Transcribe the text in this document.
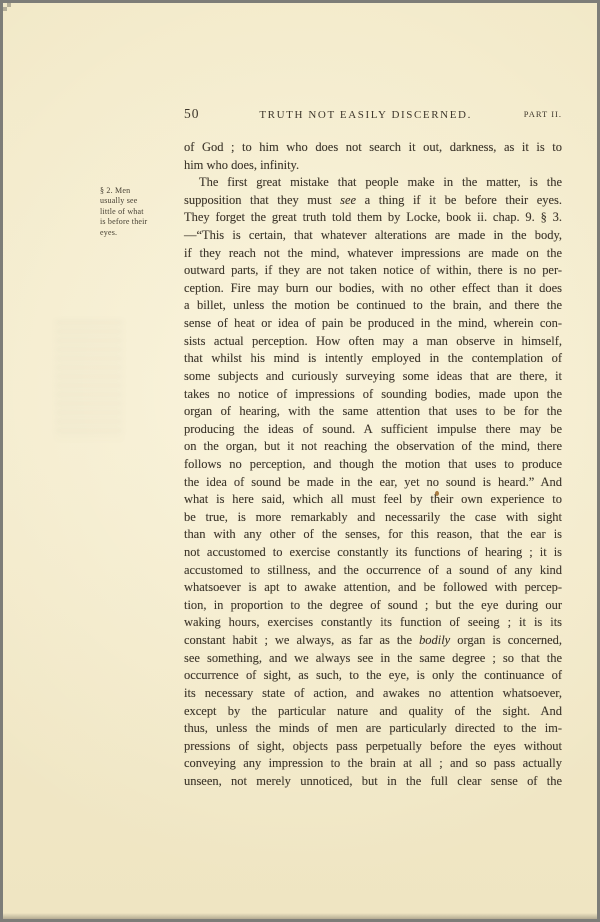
50	TRUTH NOT EASILY DISCERNED.	PART II.
§ 2. Men
usually see
little of what
is before their
eyes.
of God ; to him who does not search it out, darkness, as it is to
him who does, infinity.
The first great mistake that people make in the matter, is the
supposition that they must see a thing if it be before their eyes.
They forget the great truth told them by Locke, book ii. chap. 9. § 3.
—“This is certain, that whatever alterations are made in the body,
if they reach not the mind, whatever impressions are made on the
outward parts, if they are not taken notice of within, there is no per-
ception. Fire may burn our bodies, with no other effect than it does
a billet, unless the motion be continued to the brain, and there the
sense of heat or idea of pain be produced in the mind, wherein con-
sists actual perception. How often may a man observe in himself,
that whilst his mind is intently employed in the contemplation of
some subjects and curiously surveying some ideas that are there, it
takes no notice of impressions of sounding bodies, made upon the
organ of hearing, with the same attention that uses to be for the
producing the ideas of sound. A sufficient impulse there may be
on the organ, but it not reaching the observation of the mind, there
follows no perception, and though the motion that uses to produce
the idea of sound be made in the ear, yet no sound is heard.” And
what is here said, which all must feel by their own experience to
be true, is more remarkably and necessarily the case with sight
than with any other of the senses, for this reason, that the ear is
not accustomed to exercise constantly its functions of hearing ; it is
accustomed to stillness, and the occurrence of a sound of any kind
whatsoever is apt to awake attention, and be followed with percep-
tion, in proportion to the degree of sound ; but the eye during our
waking hours, exercises constantly its function of seeing ; it is its
constant habit ; we always, as far as the bodily organ is concerned,
see something, and we always see in the same degree ; so that the
occurrence of sight, as such, to the eye, is only the continuance of
its necessary state of action, and awakes no attention whatsoever,
except by the particular nature and quality of the sight. And
thus, unless the minds of men are particularly directed to the im-
pressions of sight, objects pass perpetually before the eyes without
conveying any impression to the brain at all ; and so pass actually
unseen, not merely unnoticed, but in the full clear sense of the
